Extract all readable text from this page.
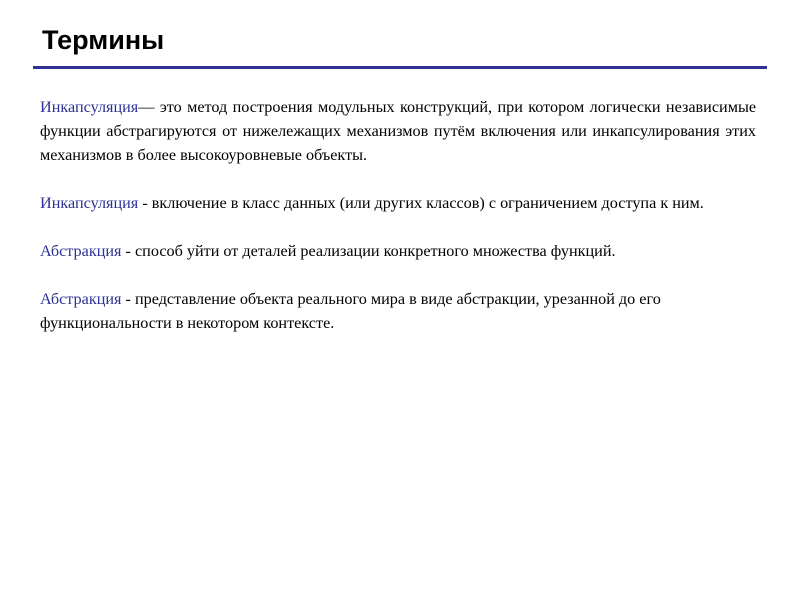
Термины

Инкапсуляция— это метод построения модульных конструкций, при котором логически независимые функции абстрагируются от нижележащих механизмов путём включения или инкапсулирования этих механизмов в более высокоуровневые объекты.

Инкапсуляция - включение в класс данных (или других классов) с ограничением доступа к ним.

Абстракция - способ уйти от деталей реализации конкретного множества функций.

Абстракция - представление объекта реального мира в виде абстракции, урезанной до его функциональности в некотором контексте.
